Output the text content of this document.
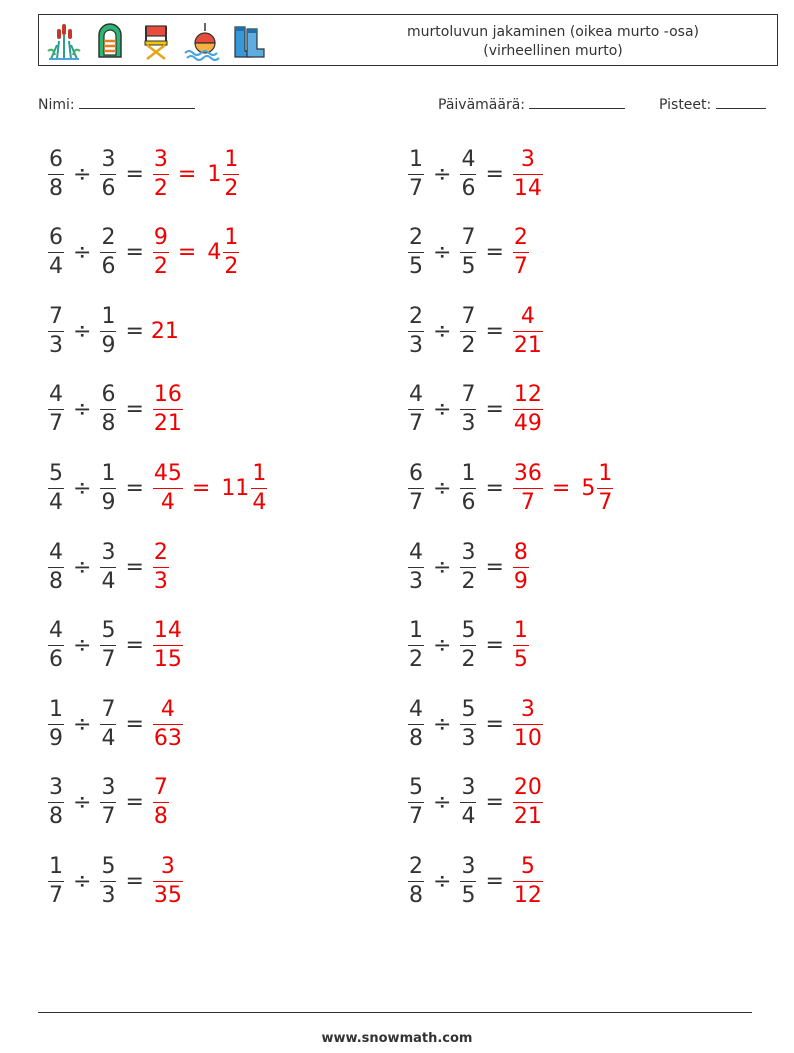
murtoluvun jakaminen (oikea murto -osa)
(virheellinen murto)
Nimi:	Päivämäärä:	Pisteet:
$\frac{6}{8} \div \frac{3}{6} = \frac{3}{2} = 1 \frac{1}{2}$	$\frac{1}{7} \div \frac{4}{6} = \frac{3}{14}$
$\frac{6}{4} \div \frac{2}{6} = \frac{9}{2} = 4 \frac{1}{2}$	$\frac{2}{5} \div \frac{7}{5} = \frac{2}{7}$
$\frac{7}{3} \div \frac{1}{9} = 21$	$\frac{2}{3} \div \frac{7}{2} = \frac{4}{21}$
$\frac{4}{7} \div \frac{6}{8} = \frac{16}{21}$	$\frac{4}{7} \div \frac{7}{3} = \frac{12}{49}$
$\frac{5}{4} \div \frac{1}{9} = \frac{45}{4} = 11 \frac{1}{4}$	$\frac{6}{7} \div \frac{1}{6} = \frac{36}{7} = 5 \frac{1}{7}$
$\frac{4}{8} \div \frac{3}{4} = \frac{2}{3}$	$\frac{4}{3} \div \frac{3}{2} = \frac{8}{9}$
$\frac{4}{6} \div \frac{5}{7} = \frac{14}{15}$	$\frac{1}{2} \div \frac{5}{2} = \frac{1}{5}$
$\frac{1}{9} \div \frac{7}{4} = \frac{4}{63}$	$\frac{4}{8} \div \frac{5}{3} = \frac{3}{10}$
$\frac{3}{8} \div \frac{3}{7} = \frac{7}{8}$	$\frac{5}{7} \div \frac{3}{4} = \frac{20}{21}$
$\frac{1}{7} \div \frac{5}{3} = \frac{3}{35}$	$\frac{2}{8} \div \frac{3}{5} = \frac{5}{12}$
www.snowmath.com
